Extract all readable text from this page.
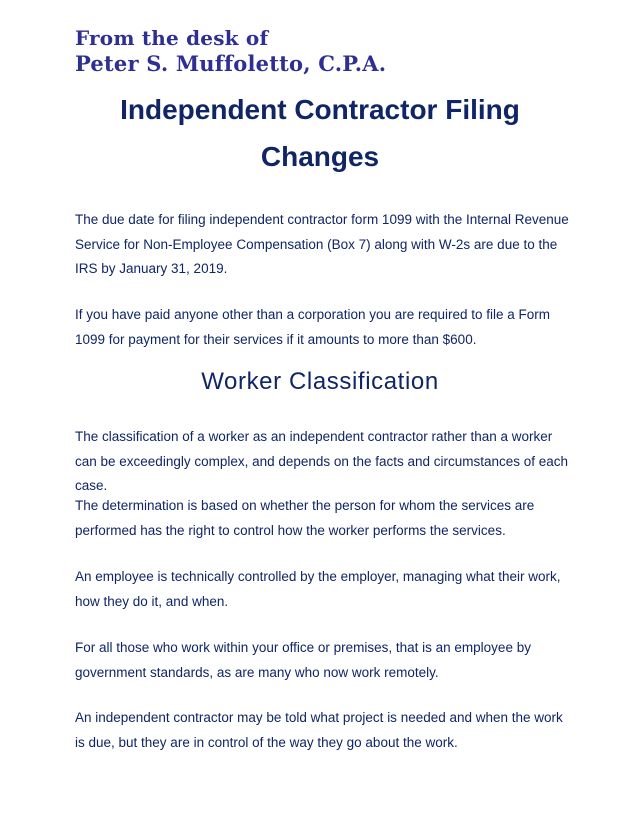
From the desk of
Peter S. Muffoletto, C.P.A.
Independent Contractor Filing Changes

The due date for filing independent contractor form 1099 with the Internal Revenue Service for Non-Employee Compensation (Box 7) along with W-2s are due to the IRS by January 31, 2019.

If you have paid anyone other than a corporation you are required to file a Form 1099 for payment for their services if it amounts to more than $600.

Worker Classification

The classification of a worker as an independent contractor rather than a worker can be exceedingly complex, and depends on the facts and circumstances of each case.

The determination is based on whether the person for whom the services are performed has the right to control how the worker performs the services.

An employee is technically controlled by the employer, managing what their work, how they do it, and when.

For all those who work within your office or premises, that is an employee by government standards, as are many who now work remotely.

An independent contractor may be told what project is needed and when the work is due, but they are in control of the way they go about the work.
